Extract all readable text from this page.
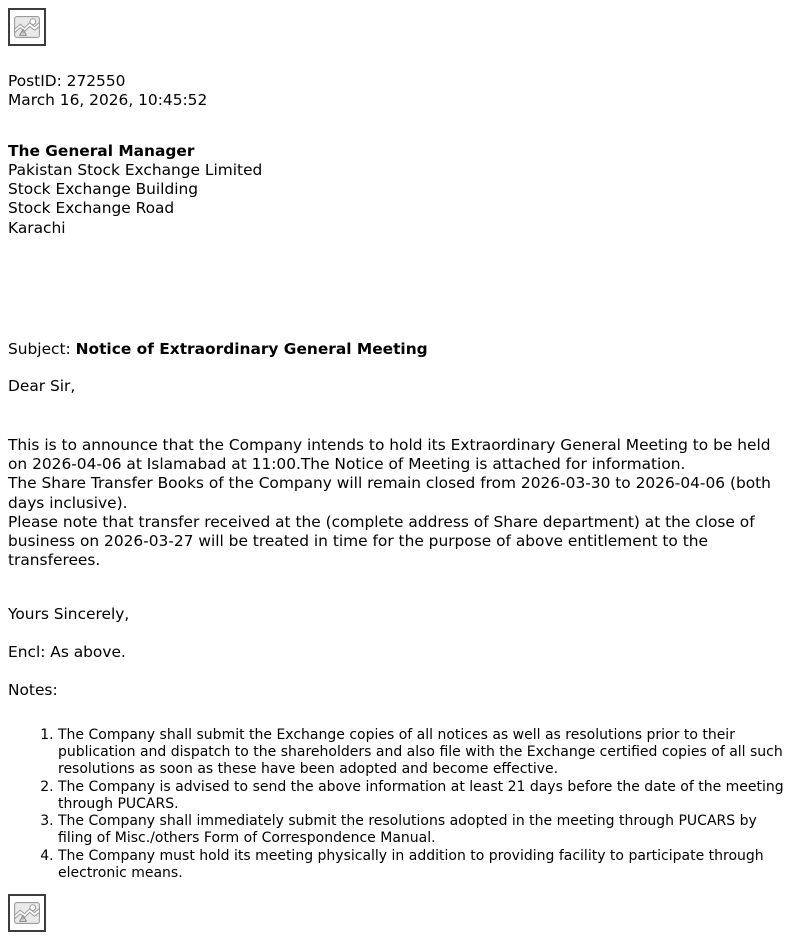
PostID: 272550
March 16, 2026, 10:45:52
The General Manager
Pakistan Stock Exchange Limited
Stock Exchange Building
Stock Exchange Road
Karachi
Subject: Notice of Extraordinary General Meeting
Dear Sir,
This is to announce that the Company intends to hold its Extraordinary General Meeting to be held on 2026-04-06 at Islamabad at 11:00.The Notice of Meeting is attached for information.
The Share Transfer Books of the Company will remain closed from 2026-03-30 to 2026-04-06 (both days inclusive).
Please note that transfer received at the (complete address of Share department) at the close of business on 2026-03-27 will be treated in time for the purpose of above entitlement to the transferees.
Yours Sincerely,
Encl: As above.
Notes:
1. The Company shall submit the Exchange copies of all notices as well as resolutions prior to their publication and dispatch to the shareholders and also file with the Exchange certified copies of all such resolutions as soon as these have been adopted and become effective.
2. The Company is advised to send the above information at least 21 days before the date of the meeting through PUCARS.
3. The Company shall immediately submit the resolutions adopted in the meeting through PUCARS by filing of Misc./others Form of Correspondence Manual.
4. The Company must hold its meeting physically in addition to providing facility to participate through electronic means.
